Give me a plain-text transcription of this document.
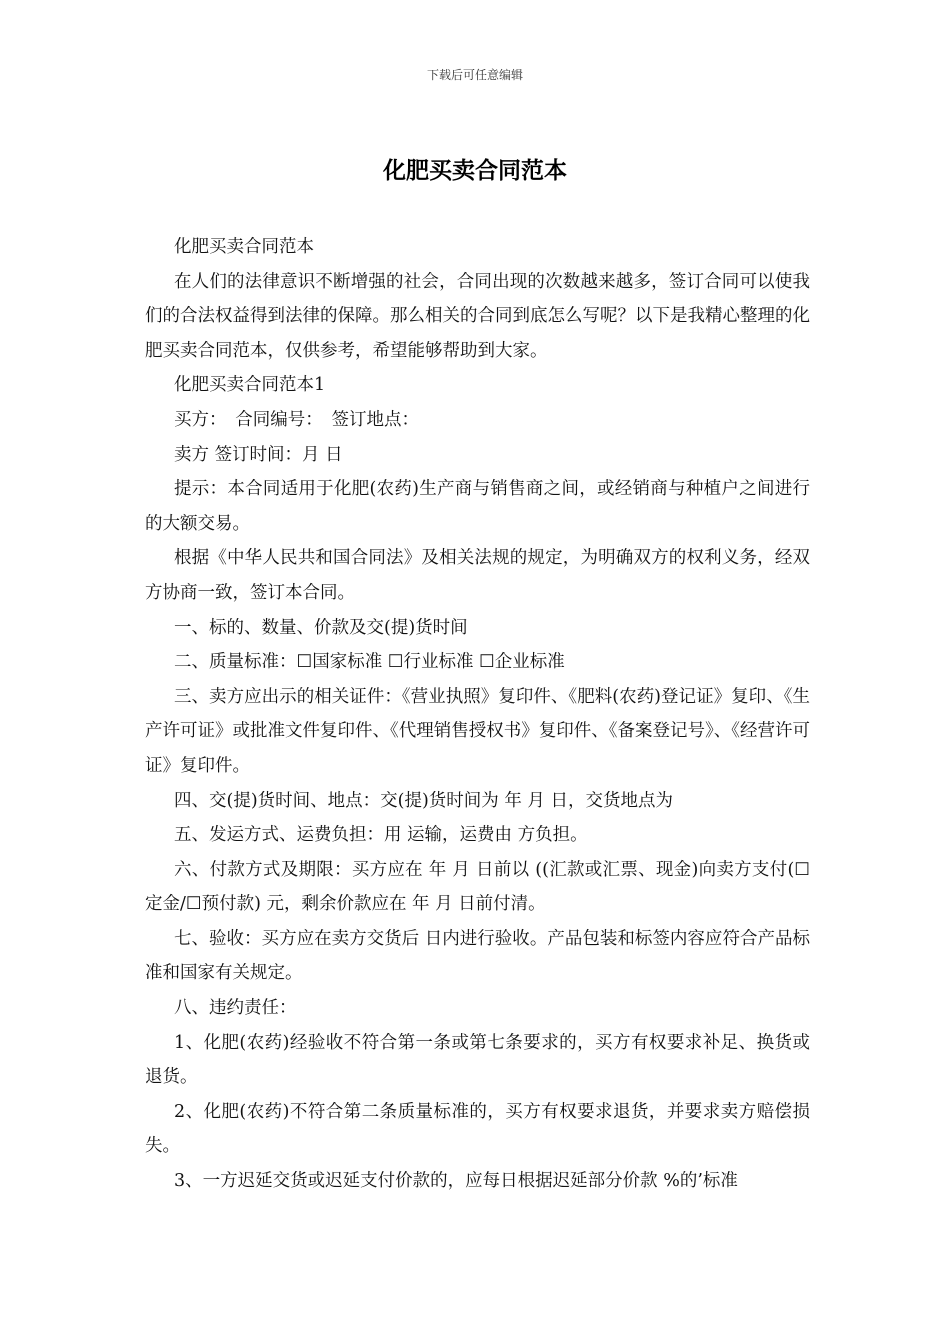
下载后可任意编辑
化肥买卖合同范本

化肥买卖合同范本

在人们的法律意识不断增强的社会，合同出现的次数越来越多，签订合同可以使我们的合法权益得到法律的保障。那么相关的合同到底怎么写呢？以下是我精心整理的化肥买卖合同范本，仅供参考，希望能够帮助到大家。

化肥买卖合同范本1

买方：　合同编号：　签订地点：

卖方 签订时间：月 日

提示：本合同适用于化肥(农药)生产商与销售商之间，或经销商与种植户之间进行的大额交易。

根据《中华人民共和国合同法》及相关法规的规定，为明确双方的权利义务，经双方协商一致，签订本合同。

一、标的、数量、价款及交(提)货时间

二、质量标准：☐国家标准 ☐行业标准 ☐企业标准

三、卖方应出示的相关证件：《营业执照》复印件、《肥料(农药)登记证》复印、《生产许可证》或批准文件复印件、《代理销售授权书》复印件、《备案登记号》、《经营许可证》复印件。

四、交(提)货时间、地点：交(提)货时间为 年 月 日，交货地点为

五、发运方式、运费负担：用 运输，运费由 方负担。

六、付款方式及期限：买方应在 年 月 日前以 ((汇款或汇票、现金)向卖方支付(☐定金/☐预付款) 元，剩余价款应在 年 月 日前付清。

七、验收：买方应在卖方交货后 日内进行验收。产品包装和标签内容应符合产品标准和国家有关规定。

八、违约责任：

1、化肥(农药)经验收不符合第一条或第七条要求的，买方有权要求补足、换货或退货。

2、化肥(农药)不符合第二条质量标准的，买方有权要求退货，并要求卖方赔偿损失。

3、一方迟延交货或迟延支付价款的，应每日根据迟延部分价款 %的’标准
